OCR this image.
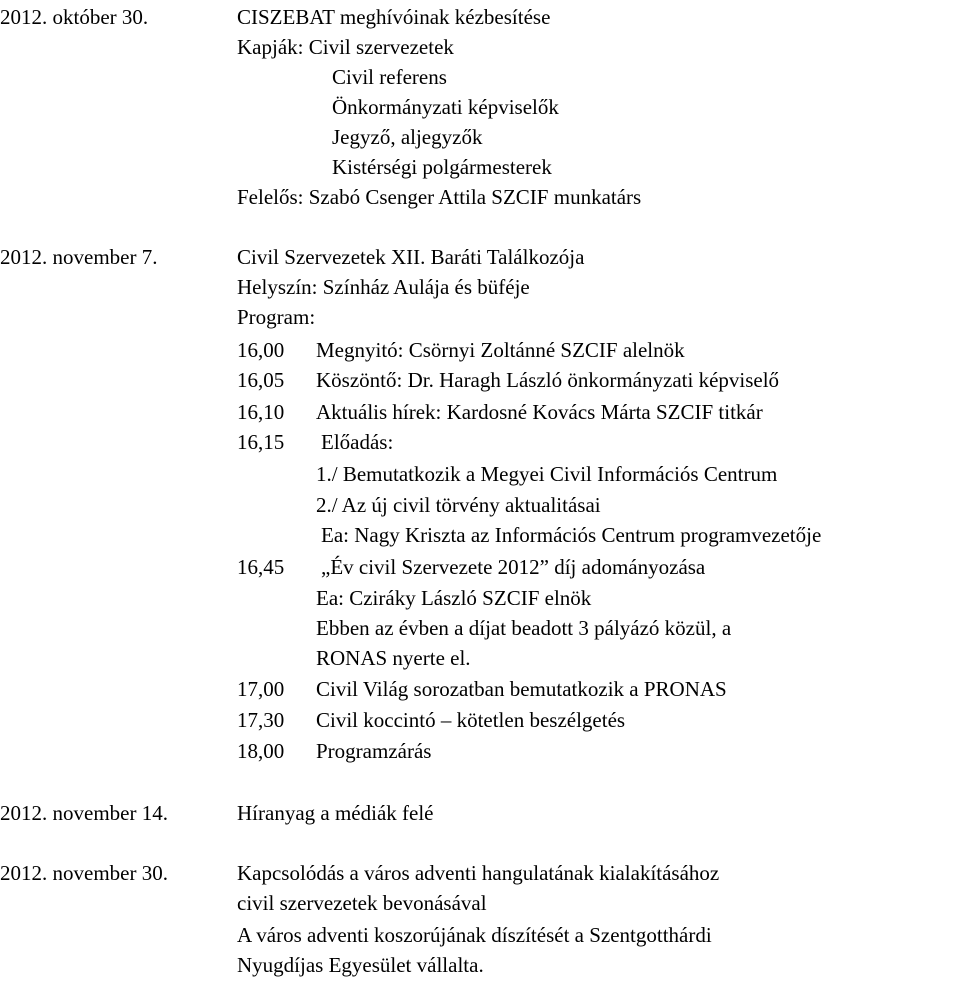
2012. október 30.	CISZEBAT meghívóinak kézbesítése
Kapják: Civil szervezetek
Civil referens
Önkormányzati képviselők
Jegyző, aljegyzők
Kistérségi polgármesterek
Felelős: Szabó Csenger Attila SZCIF munkatárs
2012. november 7.	Civil Szervezetek XII. Baráti Találkozója
Helyszín: Színház Aulája és büféje
Program:
16,00 Megnyitó: Csörnyi Zoltánné SZCIF alelnök
16,05 Köszöntő: Dr. Haragh László önkormányzati képviselő
16,10 Aktuális hírek: Kardosné Kovács Márta SZCIF titkár
16,15 Előadás:
1./ Bemutatkozik a Megyei Civil Információs Centrum
2./ Az új civil törvény aktualitásai
Ea: Nagy Kriszta az Információs Centrum programvezetője
16,45 „Év civil Szervezete 2012” díj adományozása
Ea: Cziráky László SZCIF elnök
Ebben az évben a díjat beadott 3 pályázó közül, a
RONAS nyerte el.
17,00 Civil Világ sorozatban bemutatkozik a PRONAS
17,30 Civil koccintó – kötetlen beszélgetés
18,00 Programzárás
2012. november 14.	Híranyag a médiák felé
2012. november 30.	Kapcsolódás a város adventi hangulatának kialakításához
civil szervezetek bevonásával
A város adventi koszorújának díszítését a Szentgotthárdi
Nyugdíjas Egyesület vállalta.
